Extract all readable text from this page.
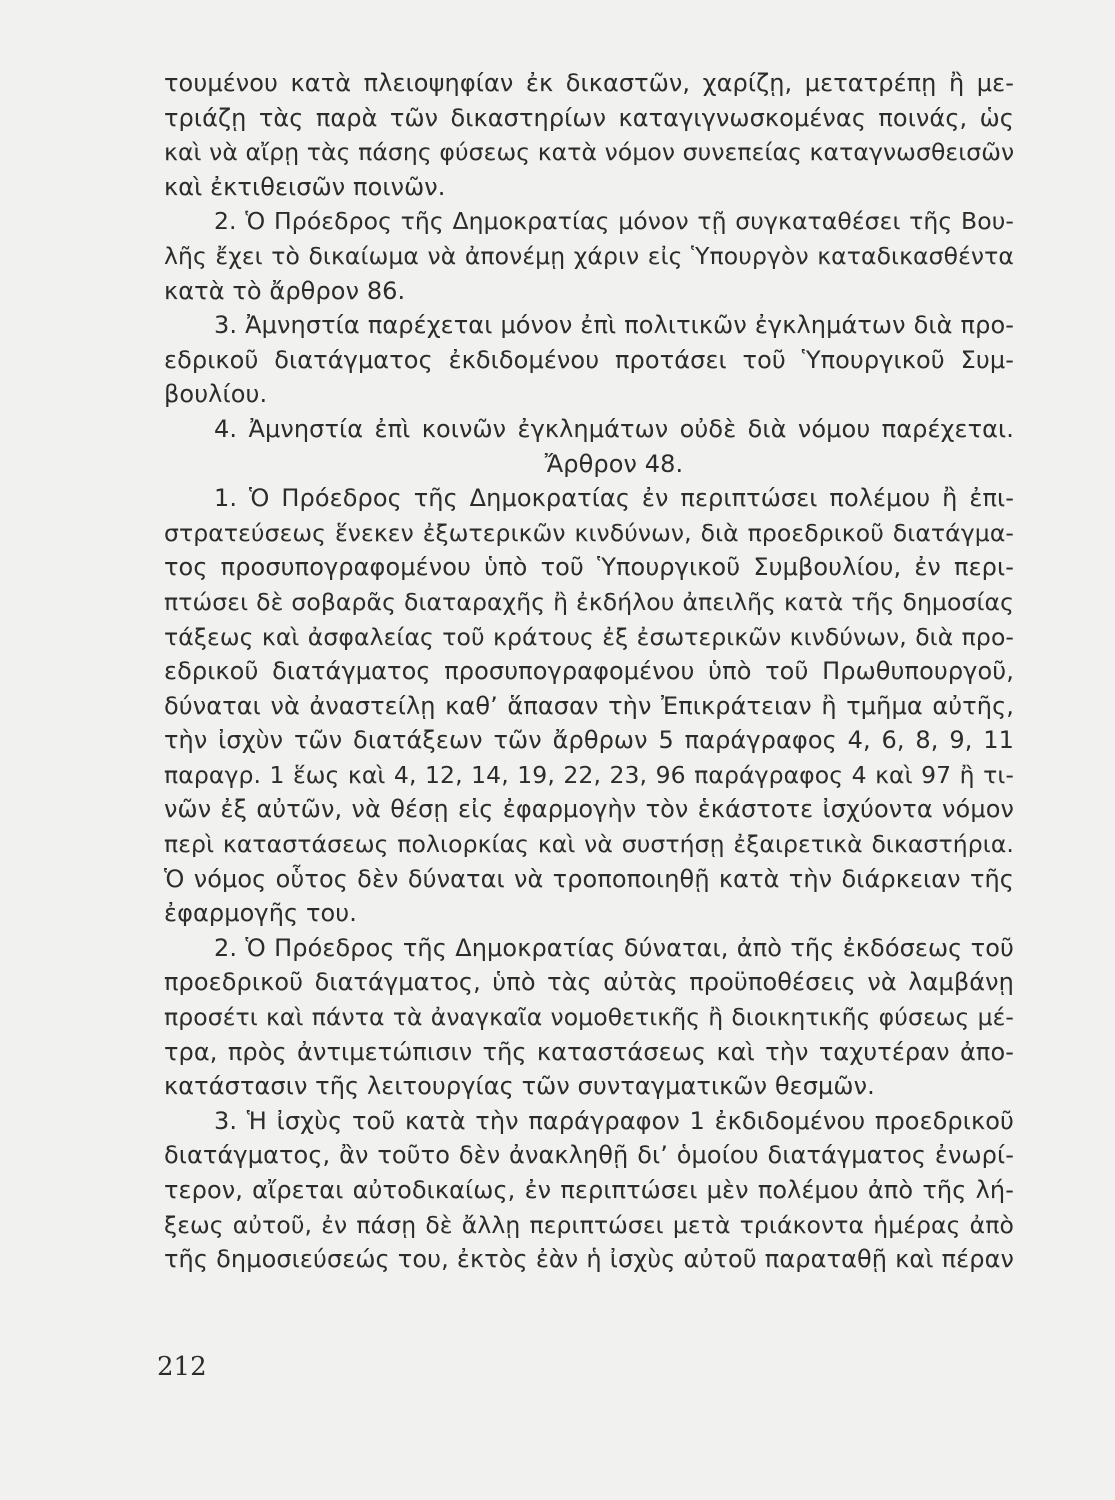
τουμένου κατὰ πλειοψηφίαν ἐκ δικαστῶν, χαρίζῃ, μετατρέπῃ ἢ με-
τριάζῃ τὰς παρὰ τῶν δικαστηρίων καταγιγνωσκομένας ποινάς, ὡς
καὶ νὰ αἴρῃ τὰς πάσης φύσεως κατὰ νόμον συνεπείας καταγνωσθεισῶν
καὶ ἐκτιθεισῶν ποινῶν.
2. Ὁ Πρόεδρος τῆς Δημοκρατίας μόνον τῇ συγκαταθέσει τῆς Βου-
λῆς ἔχει τὸ δικαίωμα νὰ ἀπονέμῃ χάριν εἰς Ὑπουργὸν καταδικασθέντα
κατὰ τὸ ἄρθρον 86.
3. Ἀμνηστία παρέχεται μόνον ἐπὶ πολιτικῶν ἐγκλημάτων διὰ προ-
εδρικοῦ διατάγματος ἐκδιδομένου προτάσει τοῦ Ὑπουργικοῦ Συμ-
βουλίου.
4. Ἀμνηστία ἐπὶ κοινῶν ἐγκλημάτων οὐδὲ διὰ νόμου παρέχεται.
Ἄρθρον 48.
1. Ὁ Πρόεδρος τῆς Δημοκρατίας ἐν περιπτώσει πολέμου ἢ ἐπι-
στρατεύσεως ἕνεκεν ἐξωτερικῶν κινδύνων, διὰ προεδρικοῦ διατάγμα-
τος προσυπογραφομένου ὑπὸ τοῦ Ὑπουργικοῦ Συμβουλίου, ἐν περι-
πτώσει δὲ σοβαρᾶς διαταραχῆς ἢ ἐκδήλου ἀπειλῆς κατὰ τῆς δημοσίας
τάξεως καὶ ἀσφαλείας τοῦ κράτους ἐξ ἐσωτερικῶν κινδύνων, διὰ προ-
εδρικοῦ διατάγματος προσυπογραφομένου ὑπὸ τοῦ Πρωθυπουργοῦ,
δύναται νὰ ἀναστείλῃ καθ’ ἅπασαν τὴν Ἐπικράτειαν ἢ τμῆμα αὐτῆς,
τὴν ἰσχὺν τῶν διατάξεων τῶν ἄρθρων 5 παράγραφος 4, 6, 8, 9, 11
παραγρ. 1 ἕως καὶ 4, 12, 14, 19, 22, 23, 96 παράγραφος 4 καὶ 97 ἢ τι-
νῶν ἐξ αὐτῶν, νὰ θέσῃ εἰς ἐφαρμογὴν τὸν ἑκάστοτε ἰσχύοντα νόμον
περὶ καταστάσεως πολιορκίας καὶ νὰ συστήσῃ ἐξαιρετικὰ δικαστήρια.
Ὁ νόμος οὗτος δὲν δύναται νὰ τροποποιηθῇ κατὰ τὴν διάρκειαν τῆς
ἐφαρμογῆς του.
2. Ὁ Πρόεδρος τῆς Δημοκρατίας δύναται, ἀπὸ τῆς ἐκδόσεως τοῦ
προεδρικοῦ διατάγματος, ὑπὸ τὰς αὐτὰς προϋποθέσεις νὰ λαμβάνῃ
προσέτι καὶ πάντα τὰ ἀναγκαῖα νομοθετικῆς ἢ διοικητικῆς φύσεως μέ-
τρα, πρὸς ἀντιμετώπισιν τῆς καταστάσεως καὶ τὴν ταχυτέραν ἀπο-
κατάστασιν τῆς λειτουργίας τῶν συνταγματικῶν θεσμῶν.
3. Ἡ ἰσχὺς τοῦ κατὰ τὴν παράγραφον 1 ἐκδιδομένου προεδρικοῦ
διατάγματος, ἂν τοῦτο δὲν ἀνακληθῇ δι’ ὁμοίου διατάγματος ἐνωρί-
τερον, αἴρεται αὐτοδικαίως, ἐν περιπτώσει μὲν πολέμου ἀπὸ τῆς λή-
ξεως αὐτοῦ, ἐν πάσῃ δὲ ἄλλῃ περιπτώσει μετὰ τριάκοντα ἡμέρας ἀπὸ
τῆς δημοσιεύσεώς του, ἐκτὸς ἐὰν ἡ ἰσχὺς αὐτοῦ παραταθῇ καὶ πέραν
212
